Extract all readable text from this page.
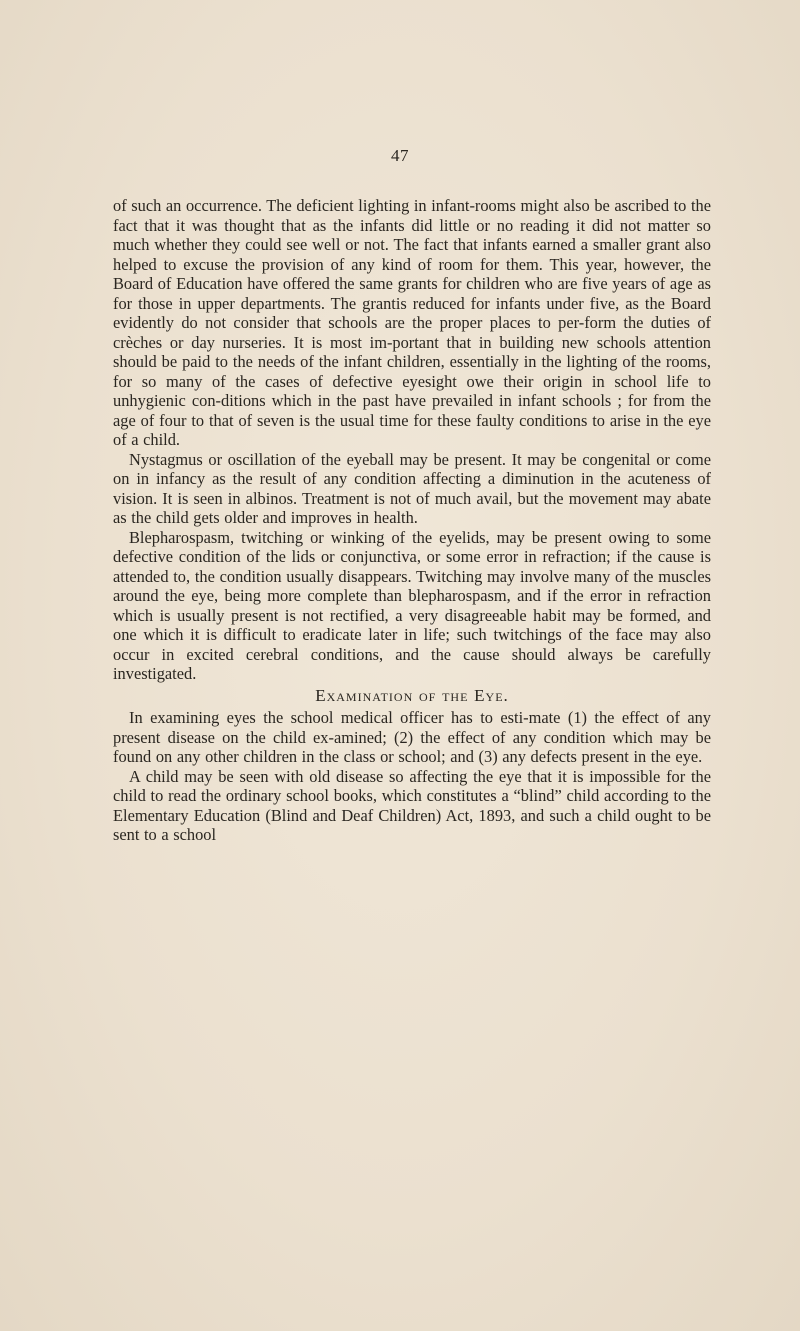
47

of such an occurrence. The deficient lighting in infant-rooms might also be ascribed to the fact that it was thought that as the infants did little or no reading it did not matter so much whether they could see well or not. The fact that infants earned a smaller grant also helped to excuse the provision of any kind of room for them. This year, however, the Board of Education have offered the same grants for children who are five years of age as for those in upper departments. The grantis reduced for infants under five, as the Board evidently do not consider that schools are the proper places to per-form the duties of crèches or day nurseries. It is most im-portant that in building new schools attention should be paid to the needs of the infant children, essentially in the lighting of the rooms, for so many of the cases of defective eyesight owe their origin in school life to unhygienic con-ditions which in the past have prevailed in infant schools ; for from the age of four to that of seven is the usual time for these faulty conditions to arise in the eye of a child.

Nystagmus or oscillation of the eyeball may be present. It may be congenital or come on in infancy as the result of any condition affecting a diminution in the acuteness of vision. It is seen in albinos. Treatment is not of much avail, but the movement may abate as the child gets older and improves in health.

Blepharospasm, twitching or winking of the eyelids, may be present owing to some defective condition of the lids or conjunctiva, or some error in refraction; if the cause is attended to, the condition usually disappears. Twitching may involve many of the muscles around the eye, being more complete than blepharospasm, and if the error in refraction which is usually present is not rectified, a very disagreeable habit may be formed, and one which it is difficult to eradicate later in life; such twitchings of the face may also occur in excited cerebral conditions, and the cause should always be carefully investigated.

Examination of the Eye.

In examining eyes the school medical officer has to esti-mate (1) the effect of any present disease on the child ex-amined; (2) the effect of any condition which may be found on any other children in the class or school; and (3) any defects present in the eye.

A child may be seen with old disease so affecting the eye that it is impossible for the child to read the ordinary school books, which constitutes a “blind” child according to the Elementary Education (Blind and Deaf Children) Act, 1893, and such a child ought to be sent to a school
